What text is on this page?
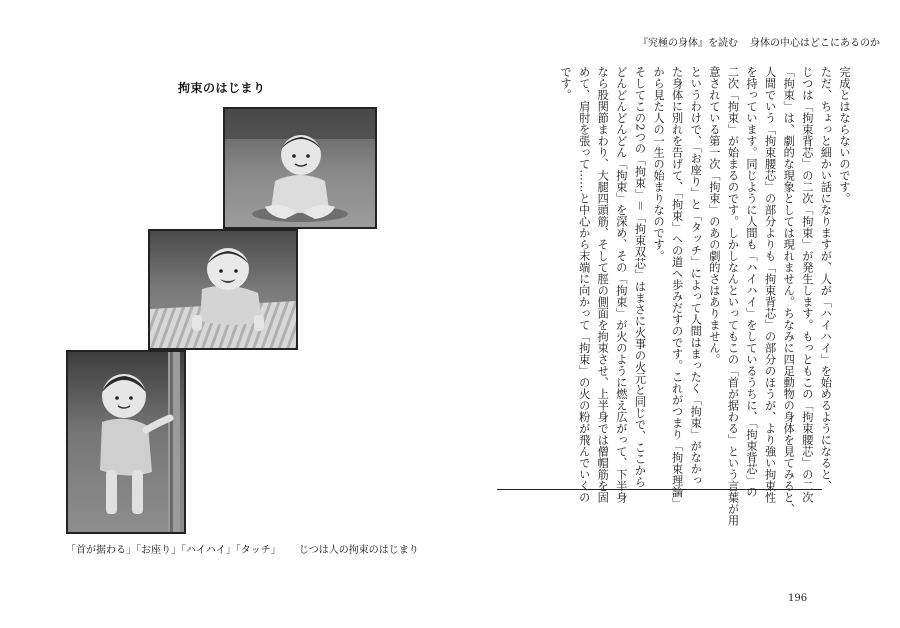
拘束のはじまり
「首が据わる」「お座り」「ハイハイ」「タッチ」 じつは人の拘束のはじまり
『究極の身体』を読む 身体の中心はどこにあるのか
完成とはならないのです。
ただ、ちょっと細かい話になりますが、人が「ハイハイ」を始めるようになると、
じつは「拘束背芯」の二次「拘束」が発生します。もっともこの「拘束腰芯」の二次
「拘束」は、劇的な現象としては現れません。ちなみに四足動物の身体を見てみると、
人間でいう「拘束腰芯」の部分よりも「拘束背芯」の部分のほうが、より強い拘束性
を持っています。同じように人間も「ハイハイ」をしているうちに、「拘束背芯」の
二次「拘束」が始まるのです。しかしなんといってもこの「首が据わる」という言葉が用
意されている第一次「拘束」のあの劇的さはありません。
というわけで、「お座り」と「タッチ」によって人間はまったく「拘束」がなかっ
た身体に別れを告げて、「拘束」への道へ歩みだすのです。これがつまり「拘束理論」
から見た人の一生の始まりなのです。
そしてこの2つの「拘束」＝「拘束双芯」はまさに火事の火元と同じで、ここから
どんどんどんどん「拘束」を深め、その「拘束」が火のように燃え広がって、下半身
なら股関節まわり、大腿四頭筋、そして脛の側面を拘束させ、上半身では僧帽筋を固
めて、肩肘を張って……と中心から末端に向かって「拘束」の火の粉が飛んでいくの
です。
196
